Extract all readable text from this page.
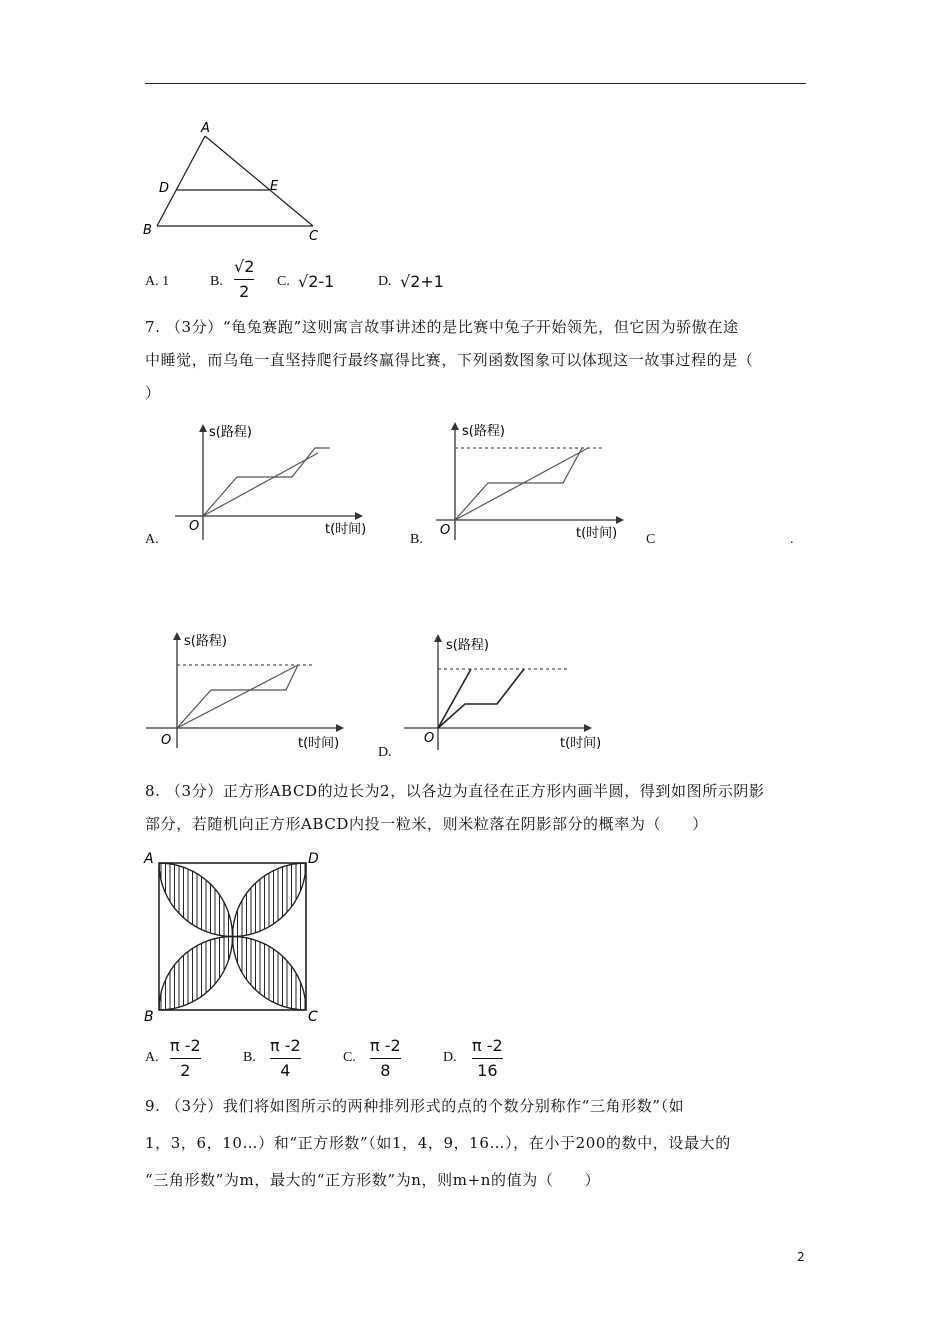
A
D	E
B	C
A. 1	B.
√2
2
C. √2-1	D. √2+1
7. （3分）“龟兔赛跑”这则寓言故事讲述的是比赛中兔子开始领先，但它因为骄傲在途
中睡觉，而乌龟一直坚持爬行最终赢得比赛，下列函数图象可以体现这一故事过程的是（
）
s(路程)
t(时间)
O
A.
s(路程)
t(时间)
O
B.	C	.
s(路程)
t(时间)
O
s(路程)
t(时间)
O
D.
8. （3分）正方形ABCD的边长为2，以各边为直径在正方形内画半圆，得到如图所示阴影
部分，若随机向正方形ABCD内投一粒米，则米粒落在阴影部分的概率为（　　）
A	D
B	C
A.
π -2
2
B.
π -2
4
C.
π -2
8
D.
π -2
16
9. （3分）我们将如图所示的两种排列形式的点的个数分别称作“三角形数”（如
1，3，6，10…）和“正方形数”（如1，4，9，16…），在小于200的数中，设最大的
“三角形数”为m，最大的“正方形数”为n，则m+n的值为（　　）
2
